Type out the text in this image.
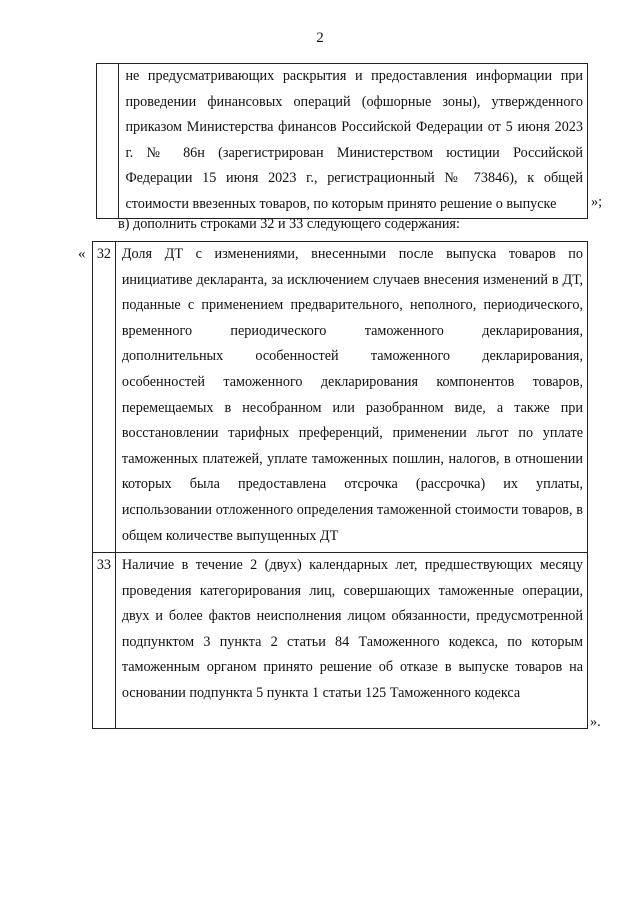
2
	не предусматривающих раскрытия и предоставления информации при проведении финансовых операций (офшорные зоны), утвержденного приказом Министерства финансов Российской Федерации от 5 июня 2023 г. № 86н (зарегистрирован Министерством юстиции Российской Федерации 15 июня 2023 г., регистрационный № 73846), к общей стоимости ввезенных товаров, по которым принято решение о выпуске »;
в) дополнить строками 32 и 33 следующего содержания:
« 32	Доля ДТ с изменениями, внесенными после выпуска товаров по инициативе декларанта, за исключением случаев внесения изменений в ДТ, поданные с применением предварительного, неполного, периодического, временного периодического таможенного декларирования, дополнительных особенностей таможенного декларирования, особенностей таможенного декларирования компонентов товаров, перемещаемых в несобранном или разобранном виде, а также при восстановлении тарифных преференций, применении льгот по уплате таможенных платежей, уплате таможенных пошлин, налогов, в отношении которых была предоставлена отсрочка (рассрочка) их уплаты, использовании отложенного определения таможенной стоимости товаров, в общем количестве выпущенных ДТ
33	Наличие в течение 2 (двух) календарных лет, предшествующих месяцу проведения категорирования лиц, совершающих таможенные операции, двух и более фактов неисполнения лицом обязанности, предусмотренной подпунктом 3 пункта 2 статьи 84 Таможенного кодекса, по которым таможенным органом принято решение об отказе в выпуске товаров на основании подпункта 5 пункта 1 статьи 125 Таможенного кодекса
».
